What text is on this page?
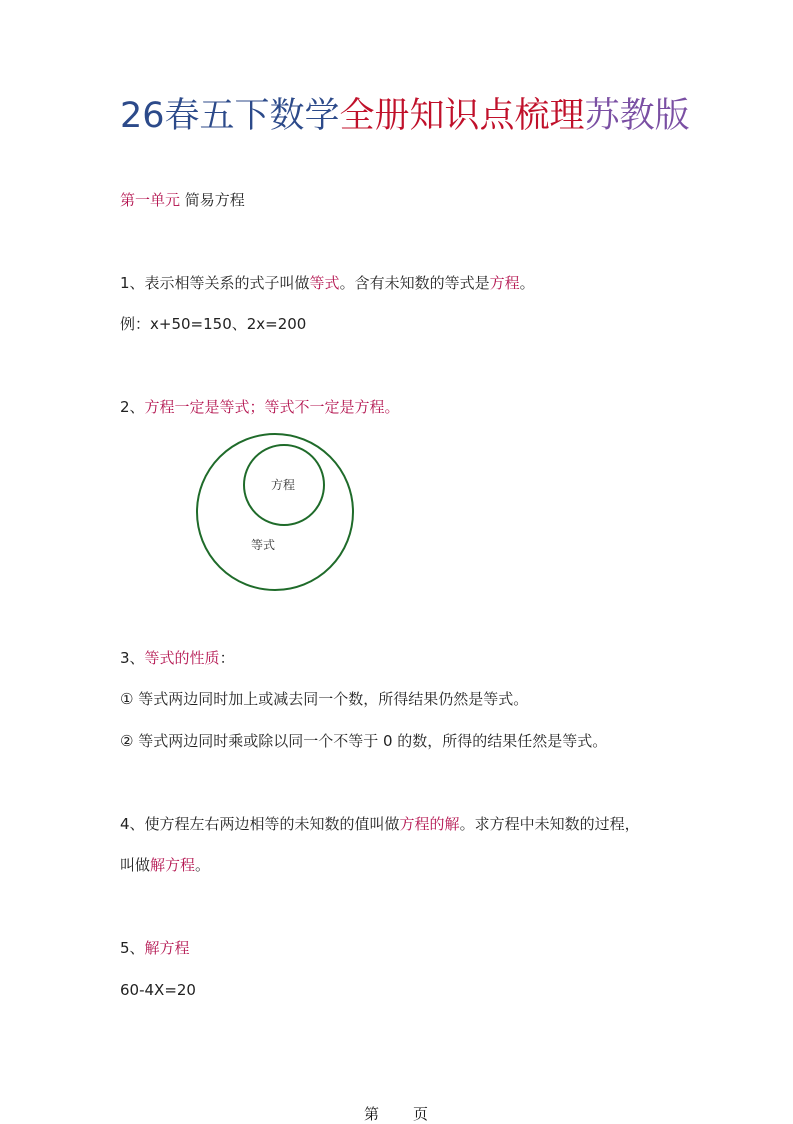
26春五下数学全册知识点梳理苏教版
第一单元 简易方程
1、表示相等关系的式子叫做等式。含有未知数的等式是方程。
例：x+50=150、2x=200
2、方程一定是等式；等式不一定是方程。
方程
等式
3、等式的性质：
① 等式两边同时加上或减去同一个数，所得结果仍然是等式。
② 等式两边同时乘或除以同一个不等于 0 的数，所得的结果任然是等式。
4、使方程左右两边相等的未知数的值叫做方程的解。求方程中未知数的过程，
叫做解方程。
5、解方程
60-4X=20
第 页
